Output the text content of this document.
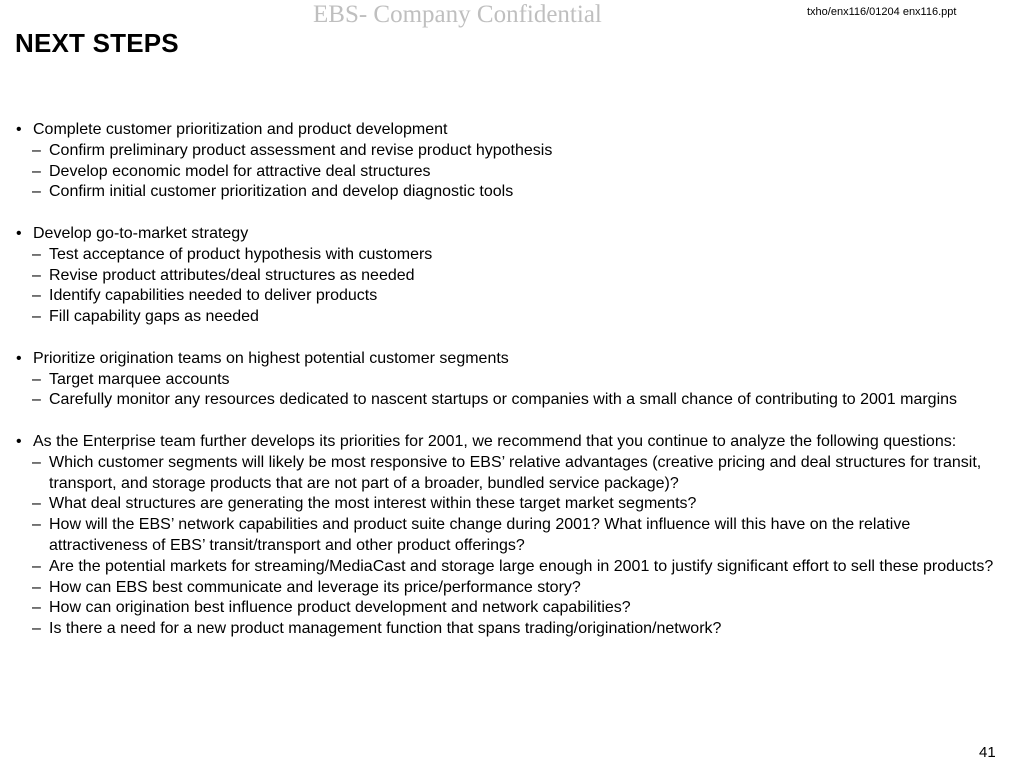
EBS- Company Confidential	txho/enx116/01204 enx116.ppt
NEXT STEPS
• Complete customer prioritization and product development
– Confirm preliminary product assessment and revise product hypothesis
– Develop economic model for attractive deal structures
– Confirm initial customer prioritization and develop diagnostic tools
• Develop go-to-market strategy
– Test acceptance of product hypothesis with customers
– Revise product attributes/deal structures as needed
– Identify capabilities needed to deliver products
– Fill capability gaps as needed
• Prioritize origination teams on highest potential customer segments
– Target marquee accounts
– Carefully monitor any resources dedicated to nascent startups or companies with a small chance of contributing to 2001 margins
• As the Enterprise team further develops its priorities for 2001, we recommend that you continue to analyze the following questions:
– Which customer segments will likely be most responsive to EBS’ relative advantages (creative pricing and deal structures for transit, transport, and storage products that are not part of a broader, bundled service package)?
– What deal structures are generating the most interest within these target market segments?
– How will the EBS’ network capabilities and product suite change during 2001? What influence will this have on the relative attractiveness of EBS’ transit/transport and other product offerings?
– Are the potential markets for streaming/MediaCast and storage large enough in 2001 to justify significant effort to sell these products?
– How can EBS best communicate and leverage its price/performance story?
– How can origination best influence product development and network capabilities?
– Is there a need for a new product management function that spans trading/origination/network?
41
